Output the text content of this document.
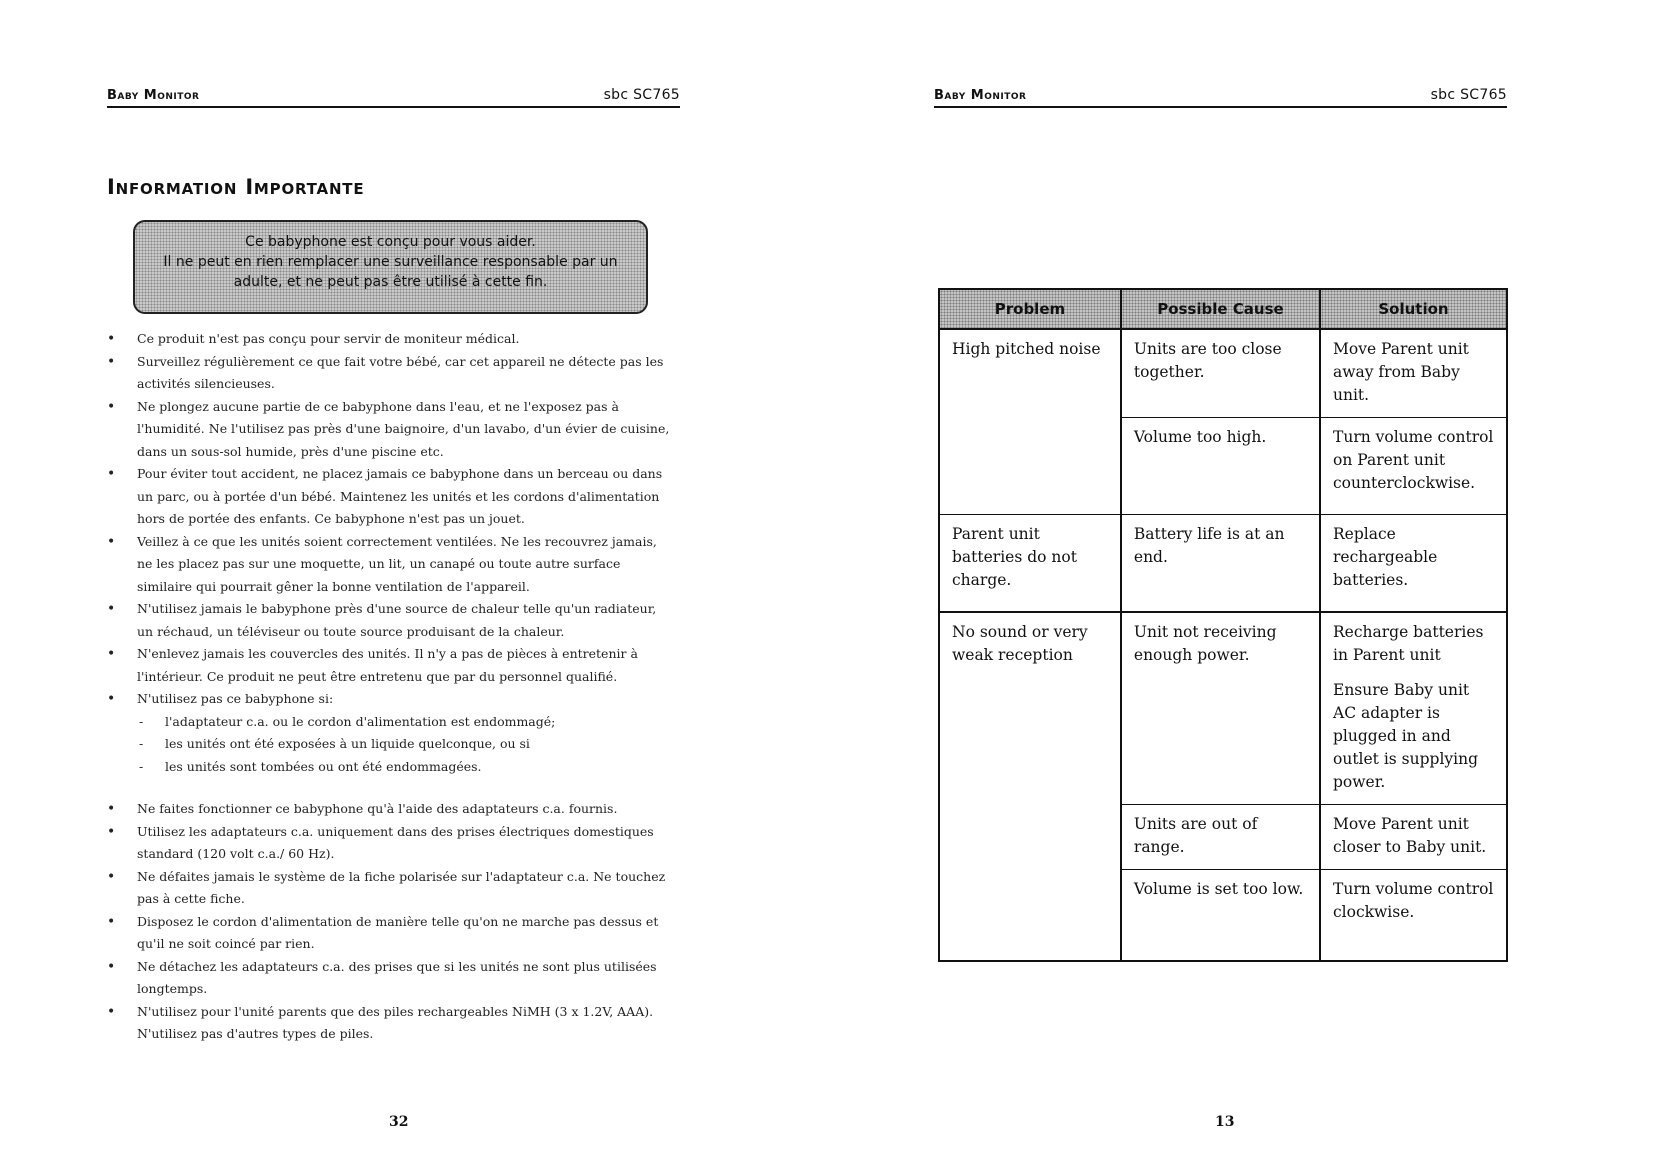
Baby Monitor	sbc SC765
Information Importante
Ce babyphone est conçu pour vous aider.
Il ne peut en rien remplacer une surveillance responsable par un
adulte, et ne peut pas être utilisé à cette fin.
• Ce produit n'est pas conçu pour servir de moniteur médical.
• Surveillez régulièrement ce que fait votre bébé, car cet appareil ne détecte pas les activités silencieuses.
• Ne plongez aucune partie de ce babyphone dans l'eau, et ne l'exposez pas à l'humidité. Ne l'utilisez pas près d'une baignoire, d'un lavabo, d'un évier de cuisine, dans un sous-sol humide, près d'une piscine etc.
• Pour éviter tout accident, ne placez jamais ce babyphone dans un berceau ou dans un parc, ou à portée d'un bébé. Maintenez les unités et les cordons d'alimentation hors de portée des enfants. Ce babyphone n'est pas un jouet.
• Veillez à ce que les unités soient correctement ventilées. Ne les recouvrez jamais, ne les placez pas sur une moquette, un lit, un canapé ou toute autre surface similaire qui pourrait gêner la bonne ventilation de l'appareil.
• N'utilisez jamais le babyphone près d'une source de chaleur telle qu'un radiateur, un réchaud, un téléviseur ou toute source produisant de la chaleur.
• N'enlevez jamais les couvercles des unités. Il n'y a pas de pièces à entretenir à l'intérieur. Ce produit ne peut être entretenu que par du personnel qualifié.
• N'utilisez pas ce babyphone si:
- l'adaptateur c.a. ou le cordon d'alimentation est endommagé;
- les unités ont été exposées à un liquide quelconque, ou si
- les unités sont tombées ou ont été endommagées.
• Ne faites fonctionner ce babyphone qu'à l'aide des adaptateurs c.a. fournis.
• Utilisez les adaptateurs c.a. uniquement dans des prises électriques domestiques standard (120 volt c.a./ 60 Hz).
• Ne défaites jamais le système de la fiche polarisée sur l'adaptateur c.a. Ne touchez pas à cette fiche.
• Disposez le cordon d'alimentation de manière telle qu'on ne marche pas dessus et qu'il ne soit coincé par rien.
• Ne détachez les adaptateurs c.a. des prises que si les unités ne sont plus utilisées longtemps.
• N'utilisez pour l'unité parents que des piles rechargeables NiMH (3 x 1.2V, AAA). N'utilisez pas d'autres types de piles.
32
Baby Monitor	sbc SC765
Problem	Possible Cause	Solution
High pitched noise	Units are too close together.	Move Parent unit away from Baby unit.
	Volume too high.	Turn volume control on Parent unit counterclockwise.
Parent unit batteries do not charge.	Battery life is at an end.	Replace rechargeable batteries.
No sound or very weak reception	Unit not receiving enough power.	Recharge batteries in Parent unit
Ensure Baby unit AC adapter is plugged in and outlet is supplying power.

	Units are out of range.	Move Parent unit closer to Baby unit.
	Volume is set too low.	Turn volume control clockwise.
13
